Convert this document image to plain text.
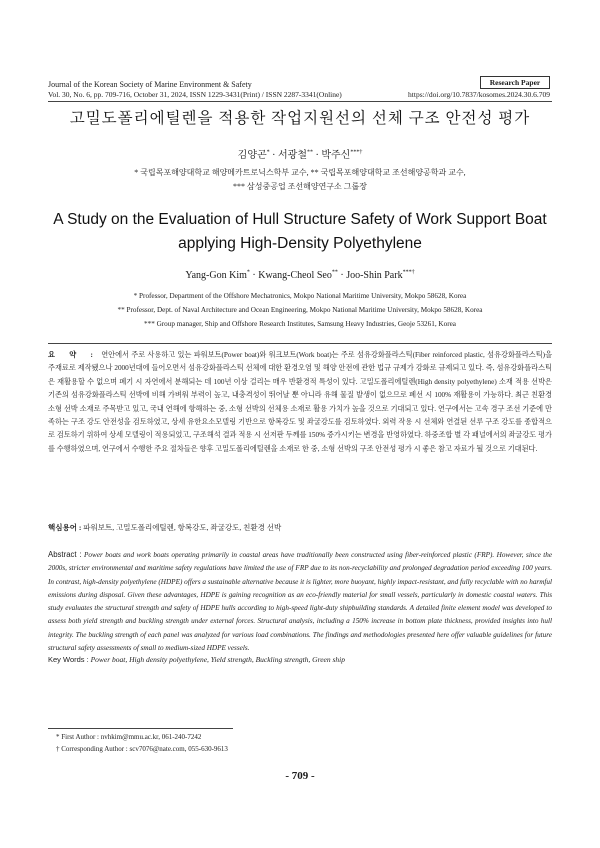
Journal of the Korean Society of Marine Environment & Safety	Research Paper
Vol. 30, No. 6, pp. 709-716, October 31, 2024, ISSN 1229-3431(Print) / ISSN 2287-3341(Online)	https://doi.org/10.7837/kosomes.2024.30.6.709
고밀도폴리에틸렌을 적용한 작업지원선의 선체 구조 안전성 평가
김양곤* · 서광철** · 박주신***†
* 국립목포해양대학교 해양메카트로닉스학부 교수, ** 국립목포해양대학교 조선해양공학과 교수,
*** 삼성중공업 조선해양연구소 그룹장
A Study on the Evaluation of Hull Structure Safety of Work Support Boat
applying High-Density Polyethylene
Yang-Gon Kim* · Kwang-Cheol Seo** · Joo-Shin Park***†
* Professor, Department of the Offshore Mechatronics, Mokpo National Maritime University, Mokpo 58628, Korea
** Professor, Dept. of Naval Architecture and Ocean Engineering, Mokpo National Maritime University, Mokpo 58628, Korea
*** Group manager, Ship and Offshore Research Institutes, Samsung Heavy Industries, Geoje 53261, Korea
요 약 : 연안에서 주로 사용하고 있는 파워보트(Power boat)와 워크보트(Work boat)는 주로 섬유강화플라스틱(Fiber reinforced plastic, 섬유강화플라스틱)을 주재료로 제작됐으나 2000년대에 들어오면서 섬유강화플라스틱 선체에 대한 환경오염 및 해양 안전에 관한 법규 규제가 강화로 규제되고 있다. 즉, 섬유강화플라스틱은 재활용할 수 없으며 폐기 시 자연에서 분해되는 데 100년 이상 걸리는 매우 반환경적 특성이 있다. 고밀도폴리에틸렌(High density polyethylene) 소재 적용 선박은 기존의 섬유강화플라스틱 선박에 비해 가벼워 부력이 높고, 내충격성이 뛰어날 뿐 아니라 유해 물질 발생이 없으므로 폐선 시 100% 재활용이 가능하다. 최근 친환경 소형 선박 소재로 주목받고 있고, 국내 연해에 항해하는 중, 소형 선박의 선체용 소재로 활용 가치가 높을 것으로 기대되고 있다. 연구에서는 고속 경구 조선 기준에 만족하는 구조 강도 안전성을 검토하였고, 상세 유한요소모델링 기반으로 항복강도 및 좌굴강도를 검토하였다. 외력 작용 시 선체와 연결된 선루 구조 강도를 종합적으로 검토하기 위하여 상세 모델링이 적용되었고, 구조해석 결과 적용 시 선저판 두께를 150% 증가시키는 변경을 반영하였다. 하중조합 별 각 패널에서의 좌굴강도 평가를 수행하였으며, 연구에서 수행한 주요 절차들은 향후 고밀도폴리에틸렌을 소재로 한 중, 소형 선박의 구조 안전성 평가 시 좋은 참고 자료가 될 것으로 기대된다.
핵심용어 : 파워보트, 고밀도폴리에틸렌, 항복강도, 좌굴강도, 친환경 선박
Abstract : Power boats and work boats operating primarily in coastal areas have traditionally been constructed using fiber-reinforced plastic (FRP). However, since the 2000s, stricter environmental and maritime safety regulations have limited the use of FRP due to its non-recyclability and prolonged degradation period exceeding 100 years. In contrast, high-density polyethylene (HDPE) offers a sustainable alternative because it is lighter, more buoyant, highly impact-resistant, and fully recyclable with no harmful emissions during disposal. Given these advantages, HDPE is gaining recognition as an eco-friendly material for small vessels, particularly in domestic coastal waters. This study evaluates the structural strength and safety of HDPE hulls according to high-speed light-duty shipbuilding standards. A detailed finite element model was developed to assess both yield strength and buckling strength under external forces. Structural analysis, including a 150% increase in bottom plate thickness, provided insights into hull integrity. The buckling strength of each panel was analyzed for various load combinations. The findings and methodologies presented here offer valuable guidelines for future structural safety assessments of small to medium-sized HDPE vessels.
Key Words : Power boat, High density polyethylene, Yield strength, Buckling strength, Green ship
* First Author : nvhkim@mmu.ac.kr, 061-240-7242
† Corresponding Author : scv7076@nate.com, 055-630-9613
- 709 -
